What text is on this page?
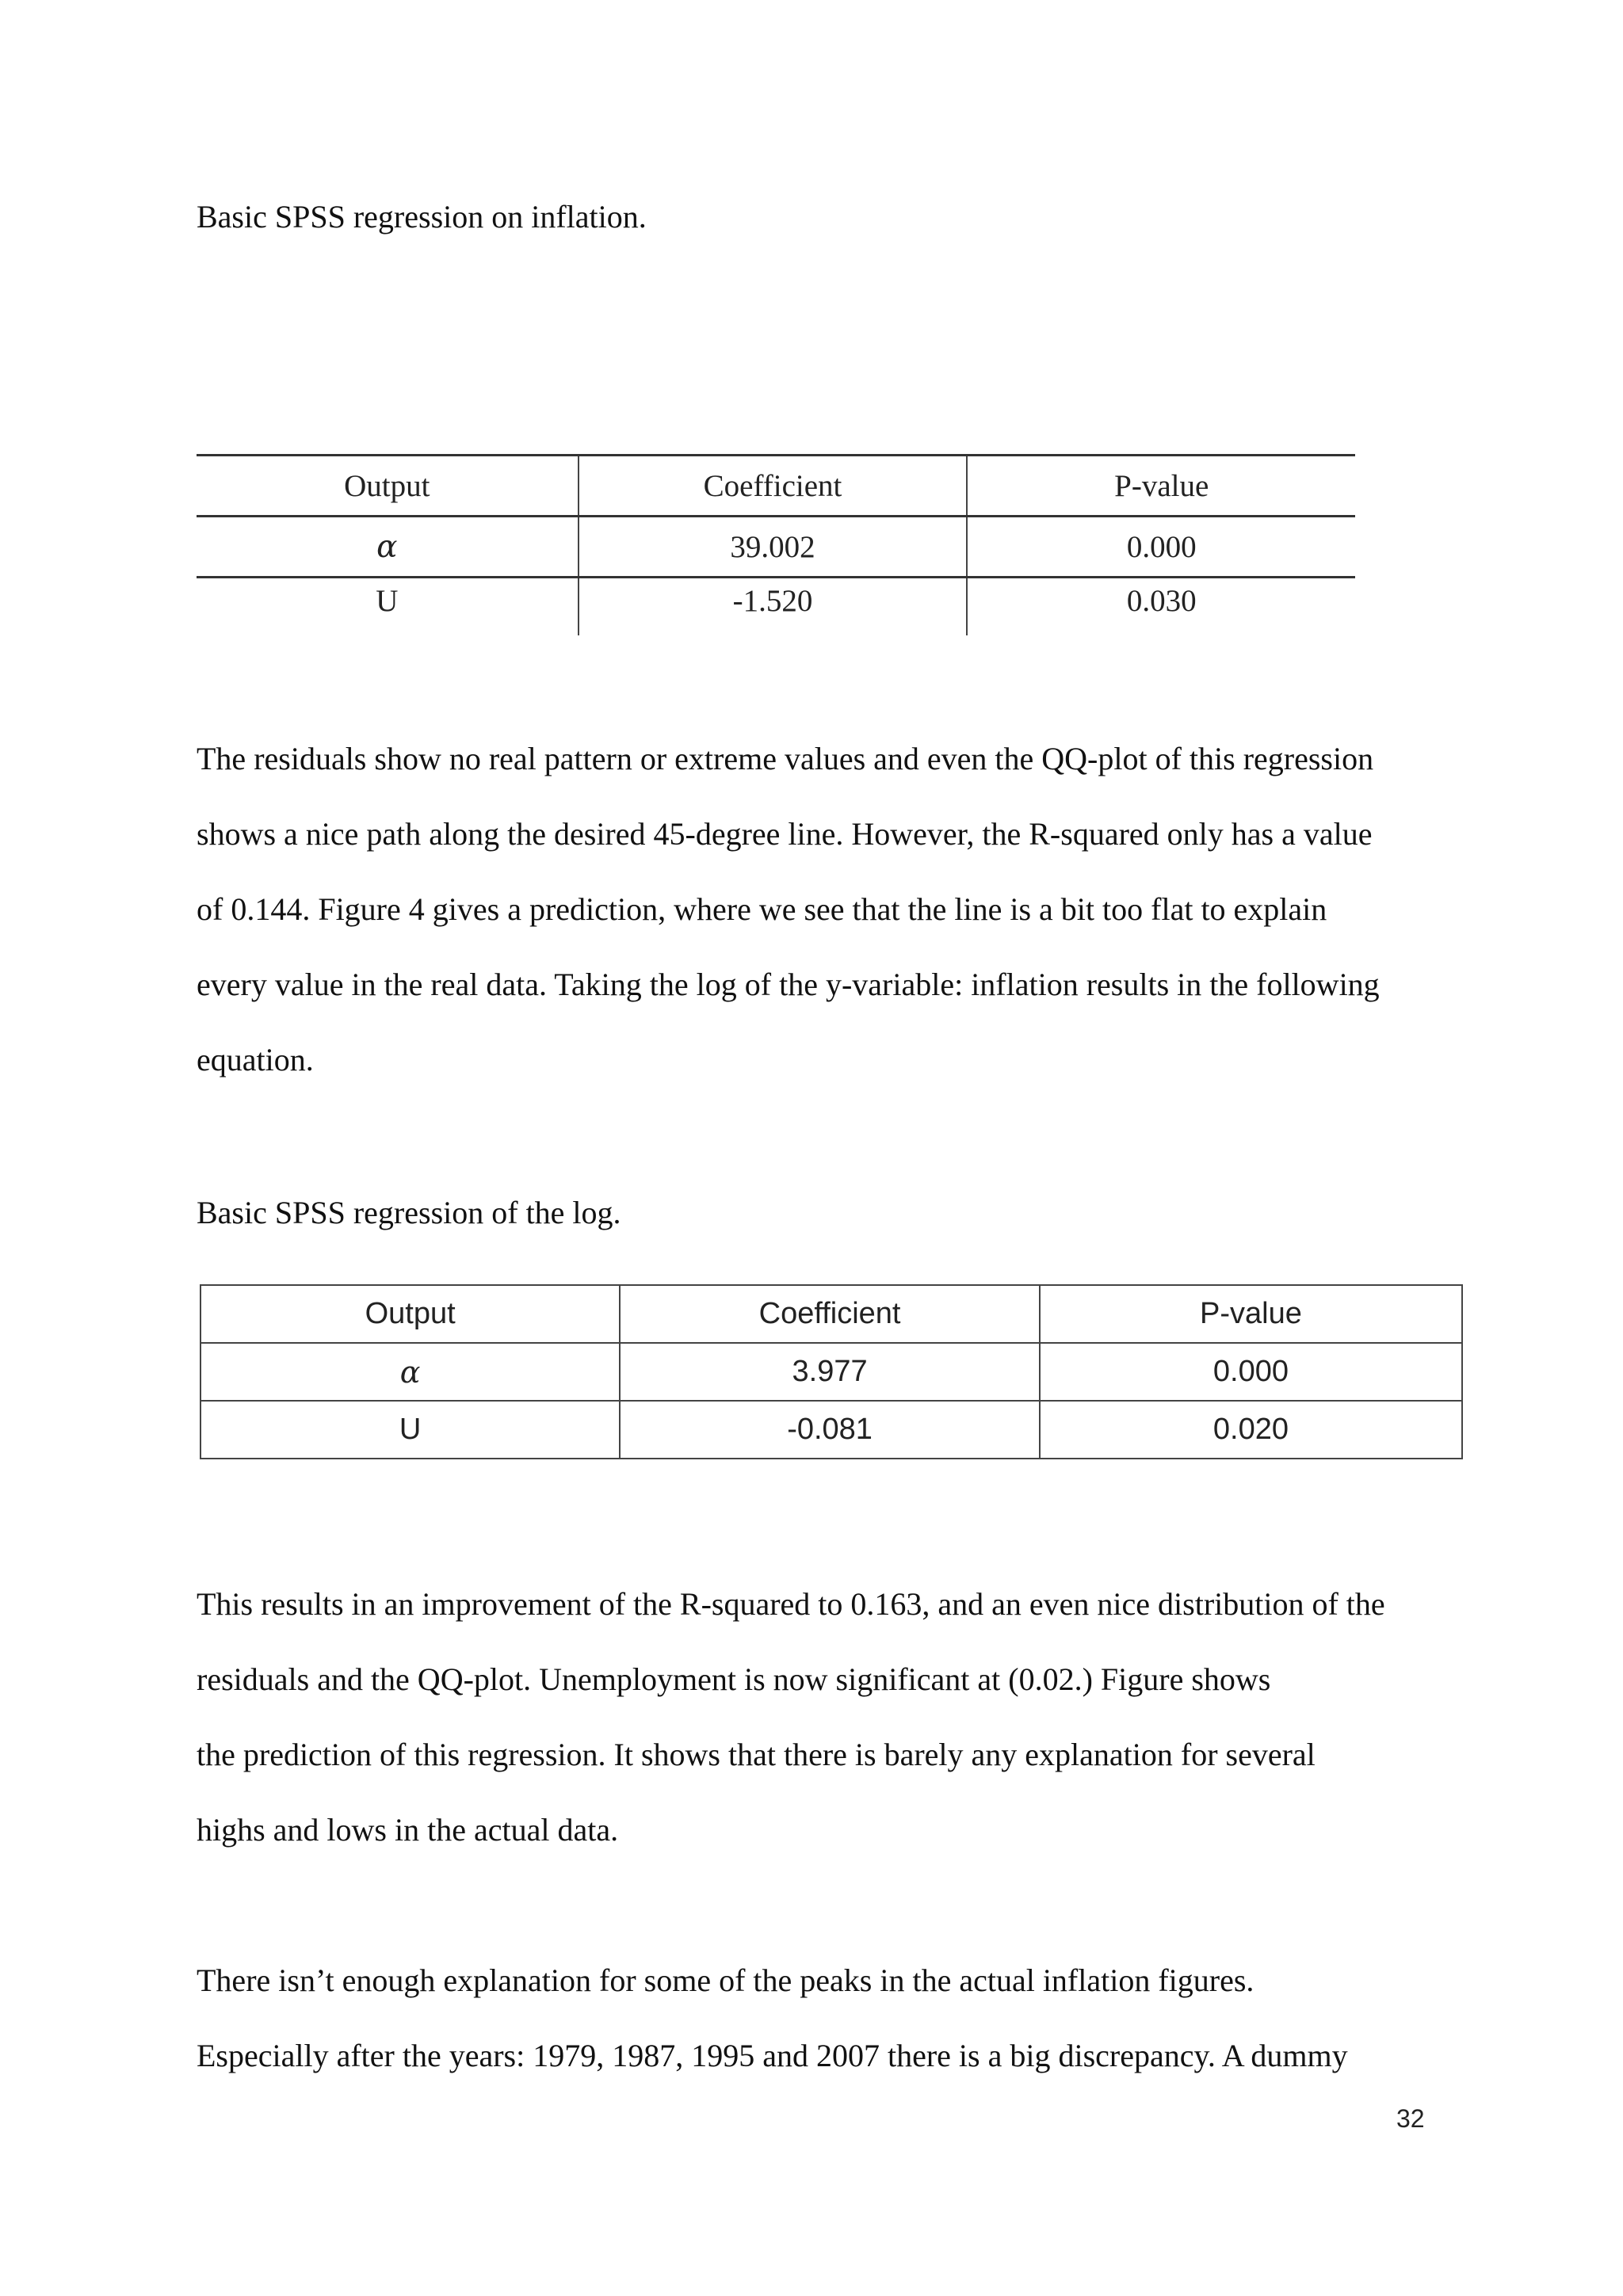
Basic SPSS regression on inflation.

Output	Coefficient	P-value
α	39.002	0.000
U	-1.520	0.030
The residuals show no real pattern or extreme values and even the QQ-plot of this regression
shows a nice path along the desired 45-degree line. However, the R-squared only has a value
of 0.144. Figure 4 gives a prediction, where we see that the line is a bit too flat to explain
every value in the real data. Taking the log of the y-variable: inflation results in the following
equation.

Basic SPSS regression of the log.

Output	Coefficient	P-value
α	3.977	0.000
U	-0.081	0.020
This results in an improvement of the R-squared to 0.163, and an even nice distribution of the
residuals and the QQ-plot. Unemployment is now significant at (0.02.) Figure shows
the prediction of this regression. It shows that there is barely any explanation for several
highs and lows in the actual data.
There isn’t enough explanation for some of the peaks in the actual inflation figures.
Especially after the years: 1979, 1987, 1995 and 2007 there is a big discrepancy. A dummy
32
